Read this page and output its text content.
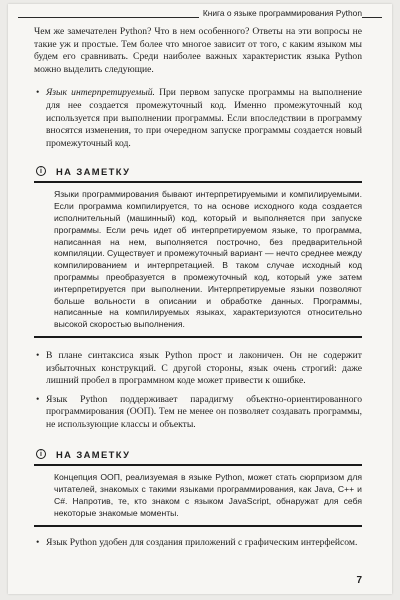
Книга о языке программирования Python

Чем же замечателен Python? Что в нем особенного? Ответы на эти вопросы не такие уж и простые. Тем более что многое зависит от того, с каким языком мы будем его сравнивать. Среди наиболее важных характеристик языка Python можно выделить следующие.

• Язык интерпретируемый. При первом запуске программы на выполнение для нее создается промежуточный код. Именно промежуточный код используется при выполнении программы. Если впоследствии в программу вносятся изменения, то при очередном запуске программы создается новый промежуточный код.
i	НА ЗАМЕТКУ
Языки программирования бывают интерпретируемыми и компилируемыми. Если программа компилируется, то на основе исходного кода создается исполнительный (машинный) код, который и выполняется при запуске программы. Если речь идет об интерпретируемом языке, то программа, написанная на нем, выполняется построчно, без предварительной компиляции. Существует и промежуточный вариант — нечто среднее между компилированием и интерпретацией. В таком случае исходный код программы преобразуется в промежуточный код, который уже затем интерпретируется при выполнении. Интерпретируемые языки позволяют больше вольности в описании и обработке данных. Программы, написанные на компилируемых языках, характеризуются относительно высокой скоростью выполнения.
• В плане синтаксиса язык Python прост и лаконичен. Он не содержит избыточных конструкций. С другой стороны, язык очень строгий: даже лишний пробел в программном коде может привести к ошибке.
• Язык Python поддерживает парадигму объектно-ориентированного программирования (ООП). Тем не менее он позволяет создавать программы, не использующие классы и объекты.
i	НА ЗАМЕТКУ
Концепция ООП, реализуемая в языке Python, может стать сюрпризом для читателей, знакомых с такими языками программирования, как Java, C++ и C#. Напротив, те, кто знаком с языком JavaScript, обнаружат для себя некоторые знакомые моменты.
• Язык Python удобен для создания приложений с графическим интерфейсом.
7
